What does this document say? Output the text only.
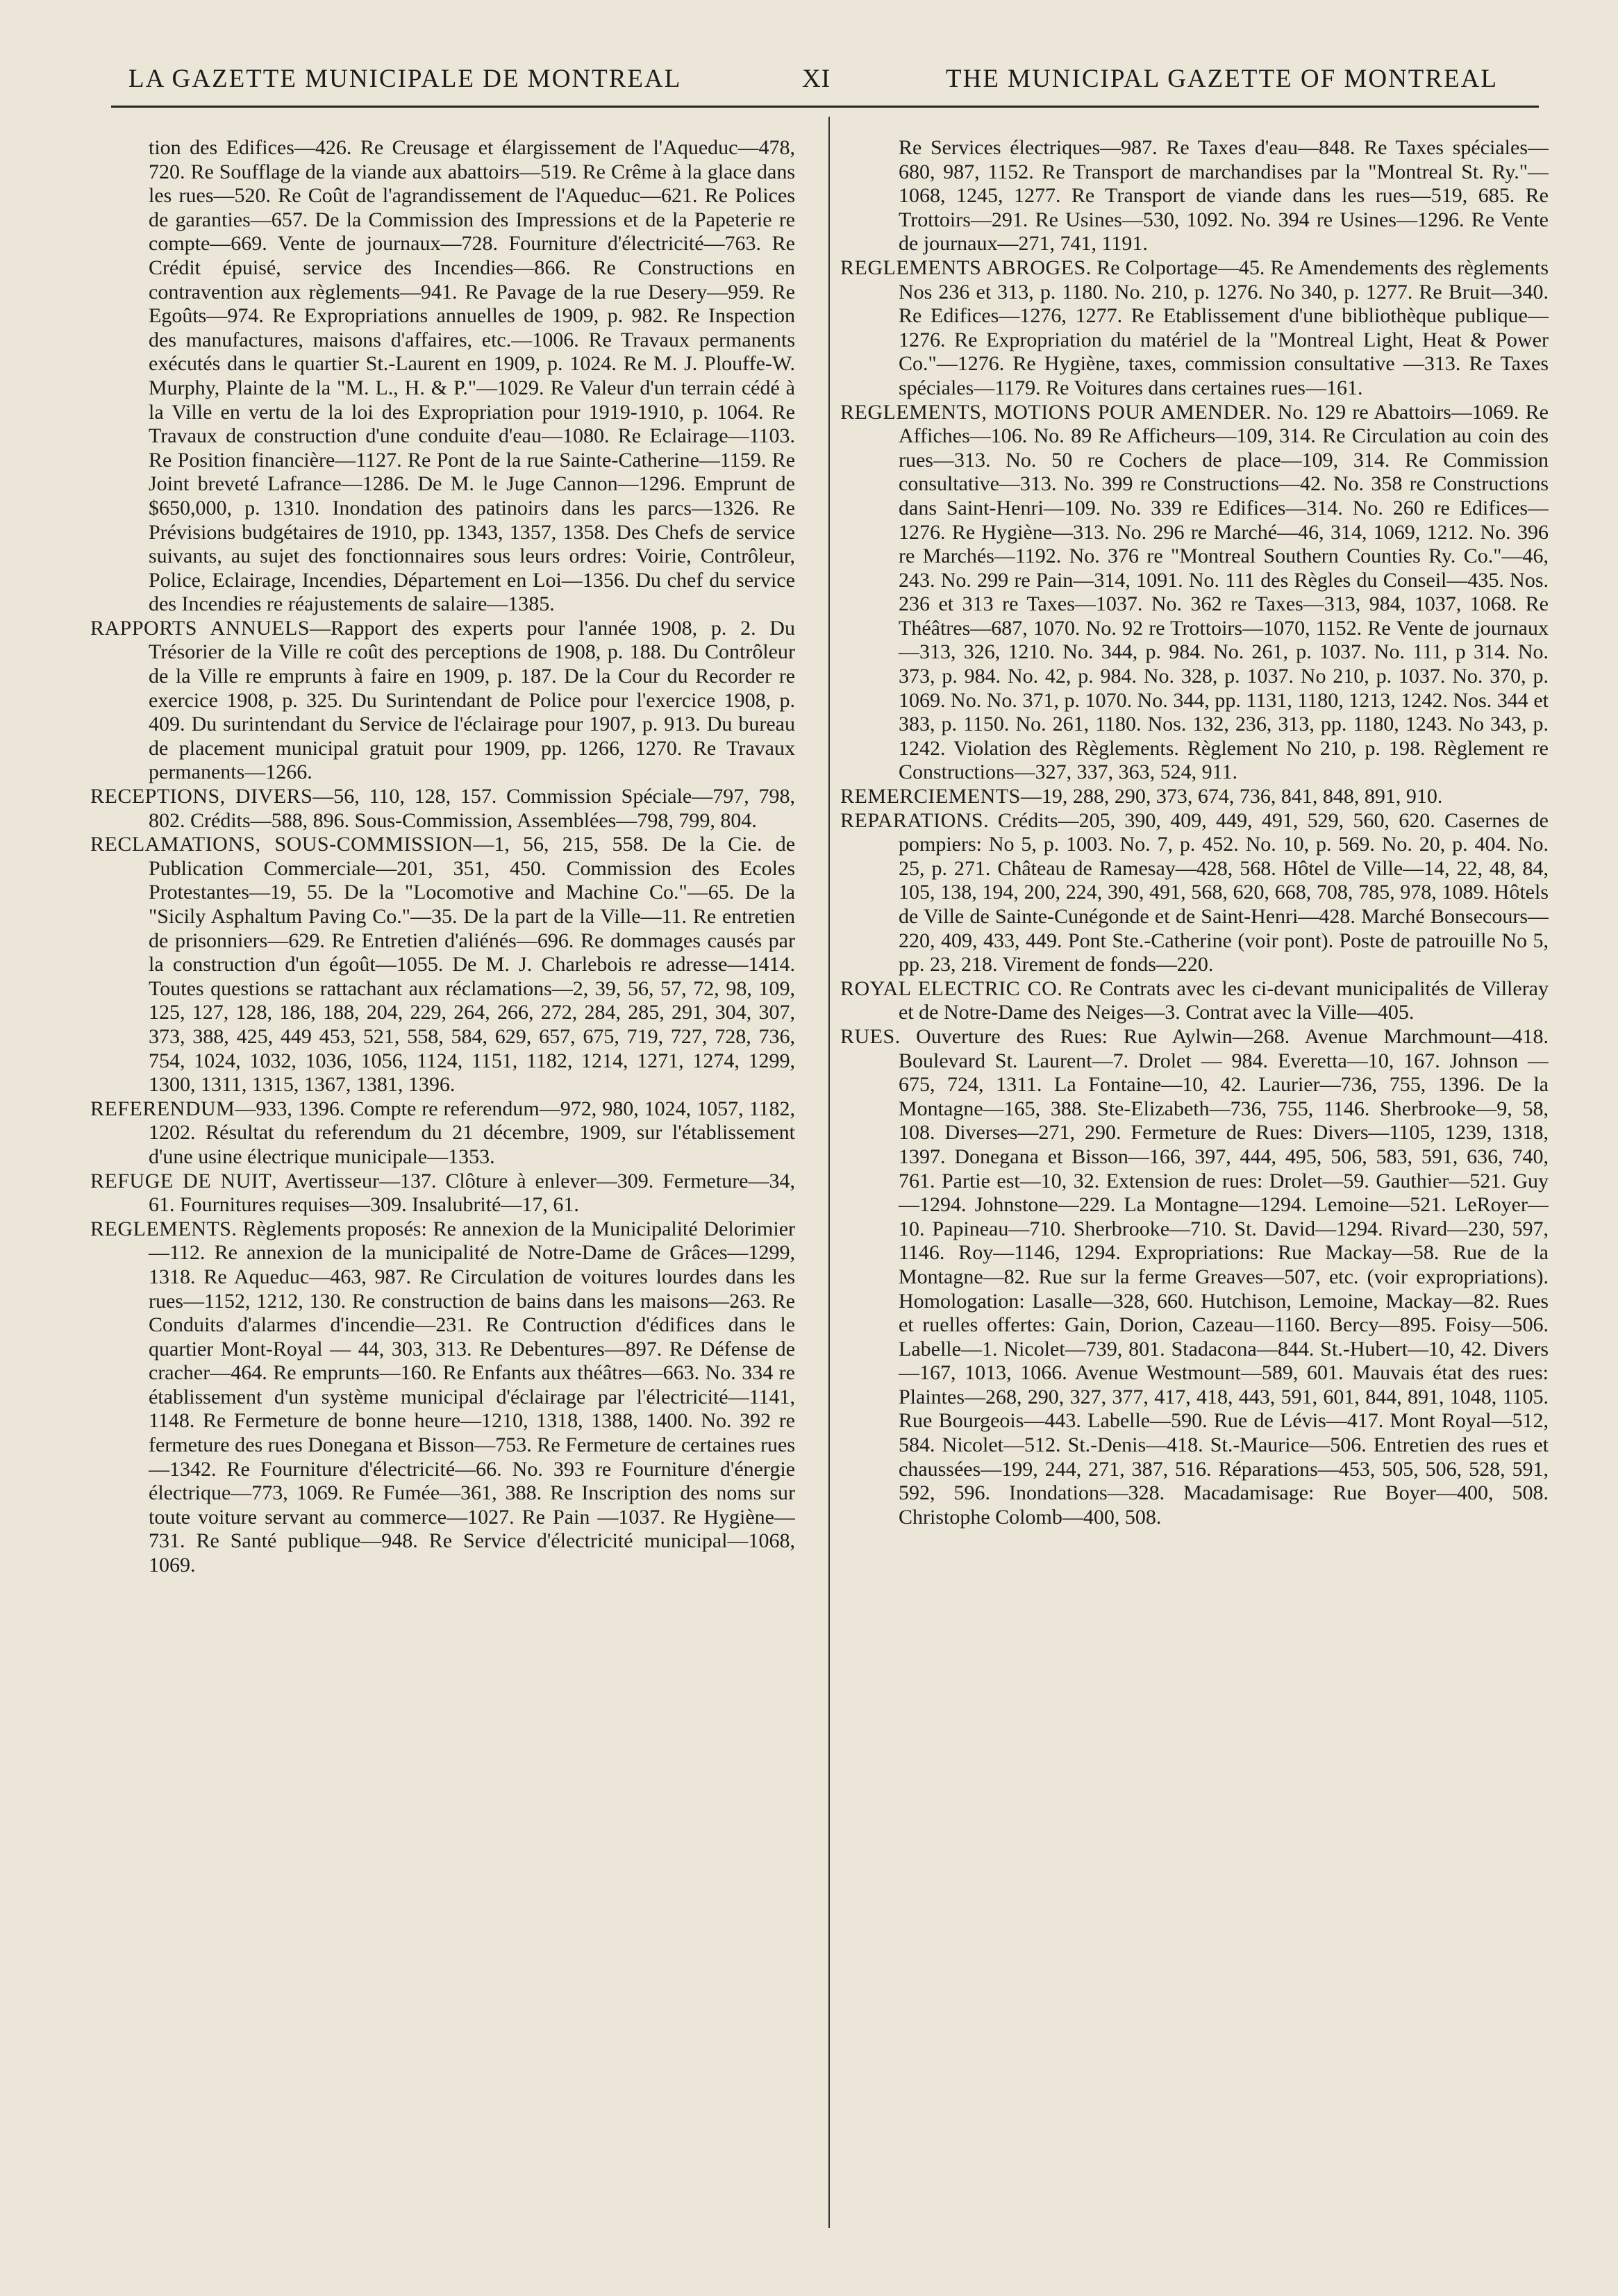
LA GAZETTE MUNICIPALE DE MONTREAL	XI	THE MUNICIPAL GAZETTE OF MONTREAL

tion des Edifices—426. Re Creusage et élargissement de l'Aqueduc—478, 720. Re Soufflage de la viande aux abattoirs—519. Re Crême à la glace dans les rues—520. Re Coût de l'agrandissement de l'Aqueduc—621. Re Polices de garanties—657. De la Commission des Impressions et de la Papeterie re compte—669. Vente de journaux—728. Fourniture d'électricité—763. Re Crédit épuisé, service des Incendies—866. Re Constructions en contravention aux règlements—941. Re Pavage de la rue Desery—959. Re Egoûts—974. Re Expropriations annuelles de 1909, p. 982. Re Inspection des manufactures, maisons d'affaires, etc.—1006. Re Travaux permanents exécutés dans le quartier St.-Laurent en 1909, p. 1024. Re M. J. Plouffe-W. Murphy, Plainte de la "M. L., H. & P."—1029. Re Valeur d'un terrain cédé à la Ville en vertu de la loi des Expropriation pour 1919-1910, p. 1064. Re Travaux de construction d'une conduite d'eau—1080. Re Eclairage—1103. Re Position financière—1127. Re Pont de la rue Sainte-Catherine—1159. Re Joint breveté Lafrance—1286. De M. le Juge Cannon—1296. Emprunt de $650,000, p. 1310. Inondation des patinoirs dans les parcs—1326. Re Prévisions budgétaires de 1910, pp. 1343, 1357, 1358. Des Chefs de service suivants, au sujet des fonctionnaires sous leurs ordres: Voirie, Contrôleur, Police, Eclairage, Incendies, Département en Loi—1356. Du chef du service des Incendies re réajustements de salaire—1385.

RAPPORTS ANNUELS—Rapport des experts pour l'année 1908, p. 2. Du Trésorier de la Ville re coût des perceptions de 1908, p. 188. Du Contrôleur de la Ville re emprunts à faire en 1909, p. 187. De la Cour du Recorder re exercice 1908, p. 325. Du Surintendant de Police pour l'exercice 1908, p. 409. Du surintendant du Service de l'éclairage pour 1907, p. 913. Du bureau de placement municipal gratuit pour 1909, pp. 1266, 1270. Re Travaux permanents—1266.

RECEPTIONS, DIVERS—56, 110, 128, 157. Commission Spéciale—797, 798, 802. Crédits—588, 896. Sous-Commission, Assemblées—798, 799, 804.

RECLAMATIONS, SOUS-COMMISSION—1, 56, 215, 558. De la Cie. de Publication Commerciale—201, 351, 450. Commission des Ecoles Protestantes—19, 55. De la "Locomotive and Machine Co."—65. De la "Sicily Asphaltum Paving Co."—35. De la part de la Ville—11. Re entretien de prisonniers—629. Re Entretien d'aliénés—696. Re dommages causés par la construction d'un égoût—1055. De M. J. Charlebois re adresse—1414. Toutes questions se rattachant aux réclamations—2, 39, 56, 57, 72, 98, 109, 125, 127, 128, 186, 188, 204, 229, 264, 266, 272, 284, 285, 291, 304, 307, 373, 388, 425, 449 453, 521, 558, 584, 629, 657, 675, 719, 727, 728, 736, 754, 1024, 1032, 1036, 1056, 1124, 1151, 1182, 1214, 1271, 1274, 1299, 1300, 1311, 1315, 1367, 1381, 1396.

REFERENDUM—933, 1396. Compte re referendum—972, 980, 1024, 1057, 1182, 1202. Résultat du referendum du 21 décembre, 1909, sur l'établissement d'une usine électrique municipale—1353.

REFUGE DE NUIT, Avertisseur—137. Clôture à enlever—309. Fermeture—34, 61. Fournitures requises—309. Insalubrité—17, 61.

REGLEMENTS. Règlements proposés: Re annexion de la Municipalité Delorimier—112. Re annexion de la municipalité de Notre-Dame de Grâces—1299, 1318. Re Aqueduc—463, 987. Re Circulation de voitures lourdes dans les rues—1152, 1212, 130. Re construction de bains dans les maisons—263. Re Conduits d'alarmes d'incendie—231. Re Contruction d'édifices dans le quartier Mont-Royal — 44, 303, 313. Re Debentures—897. Re Défense de cracher—464. Re emprunts—160. Re Enfants aux théâtres—663. No. 334 re établissement d'un système municipal d'éclairage par l'électricité—1141, 1148. Re Fermeture de bonne heure—1210, 1318, 1388, 1400. No. 392 re fermeture des rues Donegana et Bisson—753. Re Fermeture de certaines rues—1342. Re Fourniture d'électricité—66. No. 393 re Fourniture d'énergie électrique—773, 1069. Re Fumée—361, 388. Re Inscription des noms sur toute voiture servant au commerce—1027. Re Pain —1037. Re Hygiène—731. Re Santé publique—948. Re Service d'électricité municipal—1068, 1069.

Re Services électriques—987. Re Taxes d'eau—848. Re Taxes spéciales—680, 987, 1152. Re Transport de marchandises par la "Montreal St. Ry."—1068, 1245, 1277. Re Transport de viande dans les rues—519, 685. Re Trottoirs—291. Re Usines—530, 1092. No. 394 re Usines—1296. Re Vente de journaux—271, 741, 1191.

REGLEMENTS ABROGES. Re Colportage—45. Re Amendements des règlements Nos 236 et 313, p. 1180. No. 210, p. 1276. No 340, p. 1277. Re Bruit—340. Re Edifices—1276, 1277. Re Etablissement d'une bibliothèque publique—1276. Re Expropriation du matériel de la "Montreal Light, Heat & Power Co."—1276. Re Hygiène, taxes, commission consultative —313. Re Taxes spéciales—1179. Re Voitures dans certaines rues—161.

REGLEMENTS, MOTIONS POUR AMENDER. No. 129 re Abattoirs—1069. Re Affiches—106. No. 89 Re Afficheurs—109, 314. Re Circulation au coin des rues—313. No. 50 re Cochers de place—109, 314. Re Commission consultative—313. No. 399 re Constructions—42. No. 358 re Constructions dans Saint-Henri—109. No. 339 re Edifices—314. No. 260 re Edifices—1276. Re Hygiène—313. No. 296 re Marché—46, 314, 1069, 1212. No. 396 re Marchés—1192. No. 376 re "Montreal Southern Counties Ry. Co."—46, 243. No. 299 re Pain—314, 1091. No. 111 des Règles du Conseil—435. Nos. 236 et 313 re Taxes—1037. No. 362 re Taxes—313, 984, 1037, 1068. Re Théâtres—687, 1070. No. 92 re Trottoirs—1070, 1152. Re Vente de journaux—313, 326, 1210. No. 344, p. 984. No. 261, p. 1037. No. 111, p 314. No. 373, p. 984. No. 42, p. 984. No. 328, p. 1037. No 210, p. 1037. No. 370, p. 1069. No. No. 371, p. 1070. No. 344, pp. 1131, 1180, 1213, 1242. Nos. 344 et 383, p. 1150. No. 261, 1180. Nos. 132, 236, 313, pp. 1180, 1243. No 343, p. 1242. Violation des Règlements. Règlement No 210, p. 198. Règlement re Constructions—327, 337, 363, 524, 911.

REMERCIEMENTS—19, 288, 290, 373, 674, 736, 841, 848, 891, 910.

REPARATIONS. Crédits—205, 390, 409, 449, 491, 529, 560, 620. Casernes de pompiers: No 5, p. 1003. No. 7, p. 452. No. 10, p. 569. No. 20, p. 404. No. 25, p. 271. Château de Ramesay—428, 568. Hôtel de Ville—14, 22, 48, 84, 105, 138, 194, 200, 224, 390, 491, 568, 620, 668, 708, 785, 978, 1089. Hôtels de Ville de Sainte-Cunégonde et de Saint-Henri—428. Marché Bonsecours—220, 409, 433, 449. Pont Ste.-Catherine (voir pont). Poste de patrouille No 5, pp. 23, 218. Virement de fonds—220.

ROYAL ELECTRIC CO. Re Contrats avec les ci-devant municipalités de Villeray et de Notre-Dame des Neiges—3. Contrat avec la Ville—405.

RUES. Ouverture des Rues: Rue Aylwin—268. Avenue Marchmount—418. Boulevard St. Laurent—7. Drolet — 984. Everetta—10, 167. Johnson — 675, 724, 1311. La Fontaine—10, 42. Laurier—736, 755, 1396. De la Montagne—165, 388. Ste-Elizabeth—736, 755, 1146. Sherbrooke—9, 58, 108. Diverses—271, 290. Fermeture de Rues: Divers—1105, 1239, 1318, 1397. Donegana et Bisson—166, 397, 444, 495, 506, 583, 591, 636, 740, 761. Partie est—10, 32. Extension de rues: Drolet—59. Gauthier—521. Guy—1294. Johnstone—229. La Montagne—1294. Lemoine—521. LeRoyer—10. Papineau—710. Sherbrooke—710. St. David—1294. Rivard—230, 597, 1146. Roy—1146, 1294. Expropriations: Rue Mackay—58. Rue de la Montagne—82. Rue sur la ferme Greaves—507, etc. (voir expropriations). Homologation: Lasalle—328, 660. Hutchison, Lemoine, Mackay—82. Rues et ruelles offertes: Gain, Dorion, Cazeau—1160. Bercy—895. Foisy—506. Labelle—1. Nicolet—739, 801. Stadacona—844. St.-Hubert—10, 42. Divers—167, 1013, 1066. Avenue Westmount—589, 601. Mauvais état des rues: Plaintes—268, 290, 327, 377, 417, 418, 443, 591, 601, 844, 891, 1048, 1105. Rue Bourgeois—443. Labelle—590. Rue de Lévis—417. Mont Royal—512, 584. Nicolet—512. St.-Denis—418. St.-Maurice—506. Entretien des rues et chaussées—199, 244, 271, 387, 516. Réparations—453, 505, 506, 528, 591, 592, 596. Inondations—328. Macadamisage: Rue Boyer—400, 508. Christophe Colomb—400, 508.
